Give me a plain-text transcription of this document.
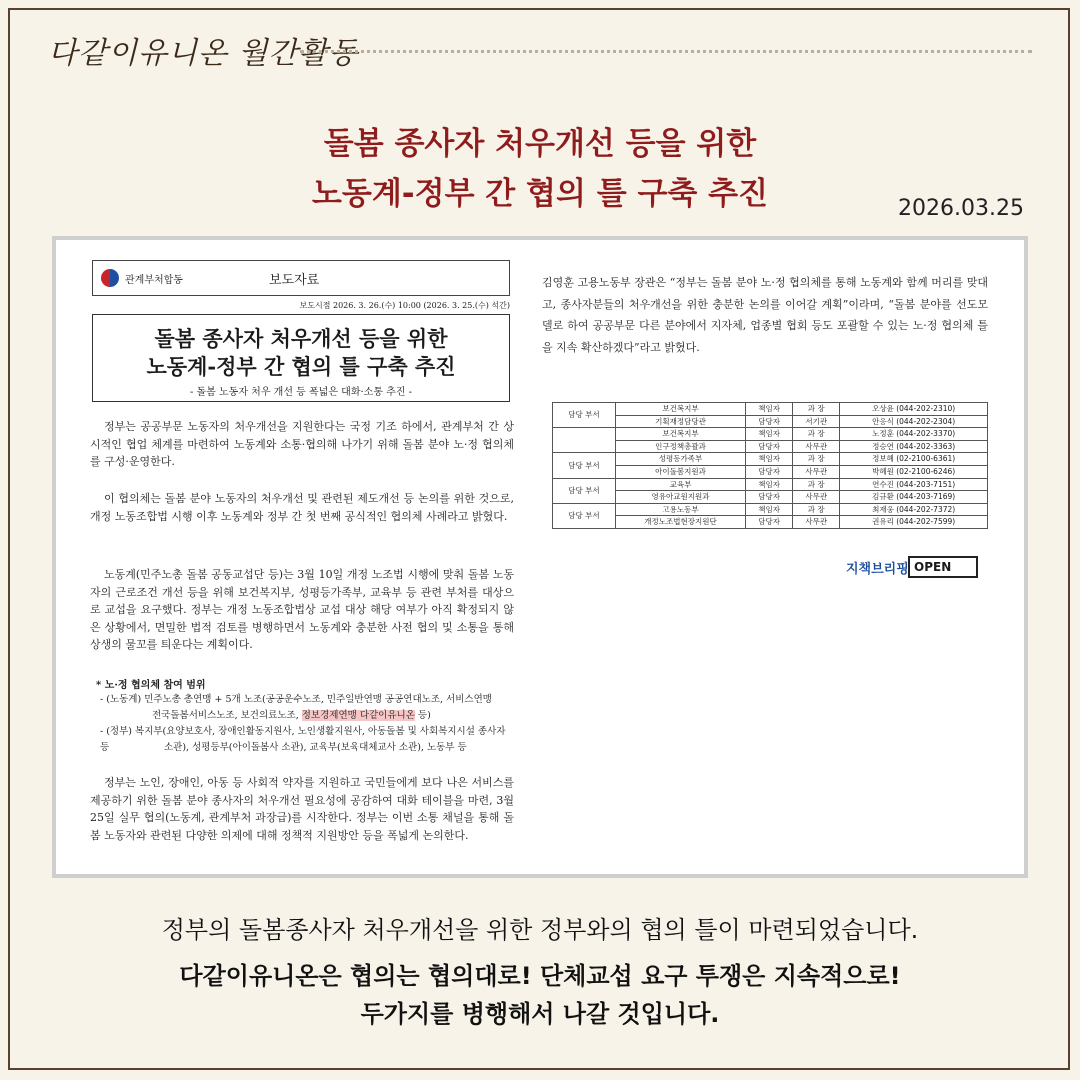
다같이유니온 월간활동
돌봄 종사자 처우개선 등을 위한
노동계-정부 간 협의 틀 구축 추진	2026.03.25
관계부처합동	보도자료
보도시점 2026. 3. 26.(수) 10:00 (2026. 3. 25.(수) 석간)
돌봄 종사자 처우개선 등을 위한
노동계-정부 간 협의 틀 구축 추진
- 돌봄 노동자 처우 개선 등 폭넓은 대화·소통 추진 -
정부는 공공부문 노동자의 처우개선을 지원한다는 국정 기조 하에서, 관계부처 간 상시적인 협업 체계를 마련하여 노동계와 소통·협의해 나가기 위해 돌봄 분야 노·정 협의체를 구성·운영한다.
이 협의체는 돌봄 분야 노동자의 처우개선 및 관련된 제도개선 등 논의를 위한 것으로, 개정 노동조합법 시행 이후 노동계와 정부 간 첫 번째 공식적인 협의체 사례라고 밝혔다.
노동계(민주노총 돌봄 공동교섭단 등)는 3월 10일 개정 노조법 시행에 맞춰 돌봄 노동자의 근로조건 개선 등을 위해 보건복지부, 성평등가족부, 교육부 등 관련 부처를 대상으로 교섭을 요구했다. 정부는 개정 노동조합법상 교섭 대상 해당 여부가 아직 확정되지 않은 상황에서, 면밀한 법적 검토를 병행하면서 노동계와 충분한 사전 협의 및 소통을 통해 상생의 물꼬를 틔운다는 계획이다.
* 노·정 협의체 참여 범위
- (노동계) 민주노총 총연맹 + 5개 노조(공공운수노조, 민주일반연맹 공공연대노조, 서비스연맹
전국돌봄서비스노조, 보건의료노조, 정보경제연맹 다같이유니온 등)
- (정부) 복지부(요양보호사, 장애인활동지원사, 노인생활지원사, 아동돌봄 및 사회복지시설 종사자 등	소관), 성평등부(아이돌봄사 소관), 교육부(보육대체교사 소관), 노동부 등
정부는 노인, 장애인, 아동 등 사회적 약자를 지원하고 국민들에게 보다 나은 서비스를 제공하기 위한 돌봄 분야 종사자의 처우개선 필요성에 공감하여 대화 테이블을 마련, 3월 25일 실무 협의(노동계, 관계부처 과장급)를 시작한다. 정부는 이번 소통 채널을 통해 돌봄 노동자와 관련된 다양한 의제에 대해 정책적 지원방안 등을 폭넓게 논의한다.
김영훈 고용노동부 장관은 “정부는 돌봄 분야 노·정 협의체를 통해 노동계와 함께 머리를 맞대고, 종사자분들의 처우개선을 위한 충분한 논의를 이어갈 계획”이라며, “돌봄 분야를 선도모델로 하여 공공부문 다른 분야에서 지자체, 업종별 협회 등도 포괄할 수 있는 노·정 협의체 틀을 지속 확산하겠다”라고 밝혔다.
담당 부서	보건복지부	책임자	과 장	오상윤 (044-202-2310)
	기획재정담당관	담당자	서기관	안응식 (044-202-2304)
	보건복지부	책임자	과 장	노정훈 (044-202-3370)
	인구정책총괄과	담당자	사무관	정승연 (044-202-3363)
담당 부서	성평등가족부	책임자	과 장	정보혜 (02-2100-6361)
	아이돌봄지원과	담당자	사무관	박혜원 (02-2100-6246)
담당 부서	교육부	책임자	과 장	연수진 (044-203-7151)
	영유아교원지원과	담당자	사무관	김규환 (044-203-7169)
담당 부서	고용노동부	책임자	과 장	최재웅 (044-202-7372)
	개정노조법현장지원단	담당자	사무관	권유리 (044-202-7599)
지책브리핑 OPEN
정부의 돌봄종사자 처우개선을 위한 정부와의 협의 틀이 마련되었습니다.
다같이유니온은 협의는 협의대로! 단체교섭 요구 투쟁은 지속적으로!
두가지를 병행해서 나갈 것입니다.
